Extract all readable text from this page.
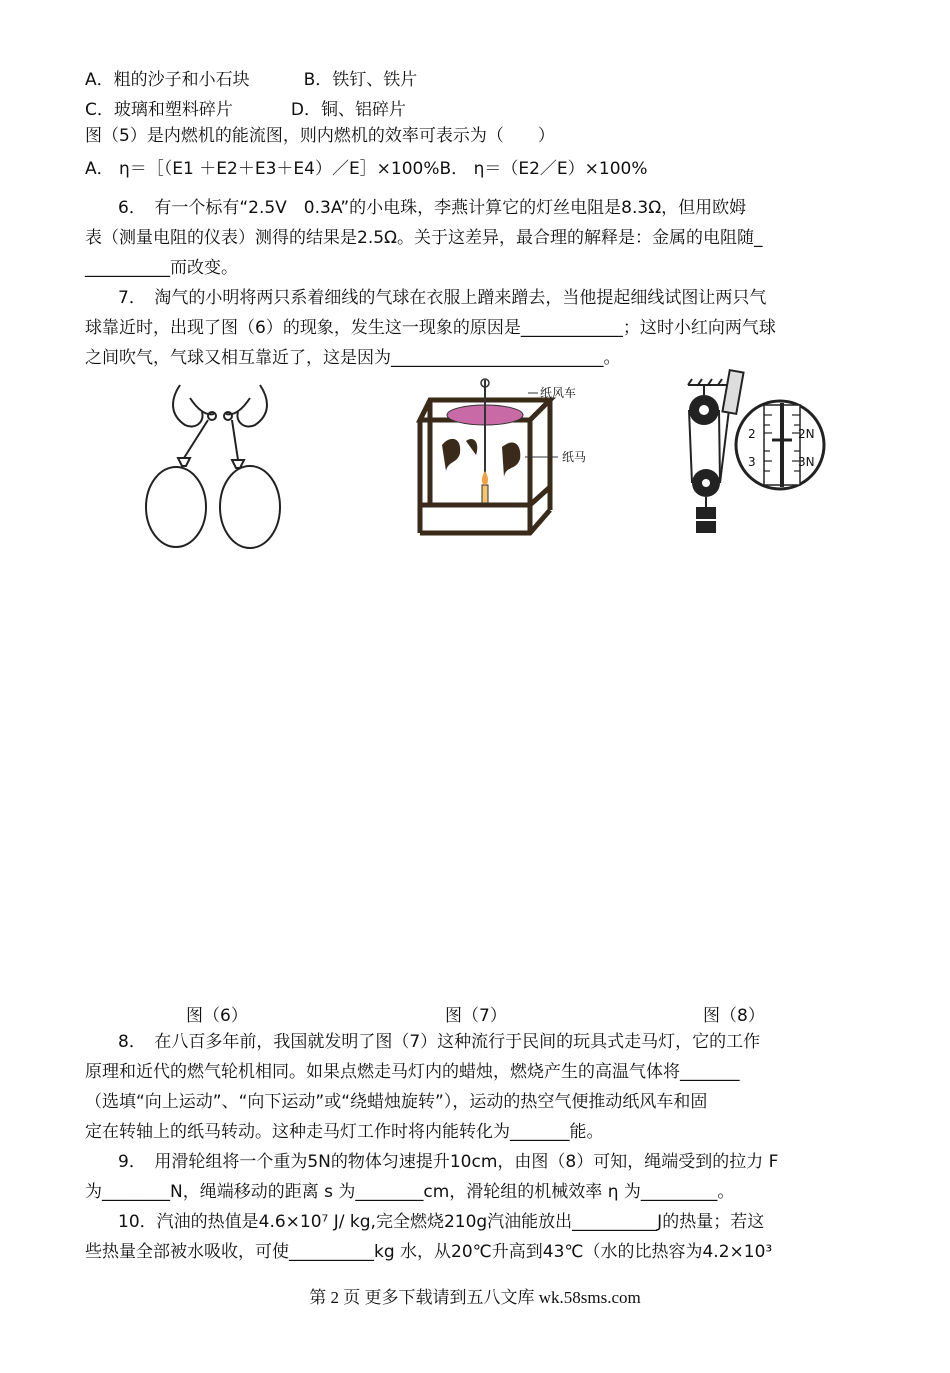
A．粗的沙子和小石块	B．铁钉、铁片
C．玻璃和塑料碎片	D．铜、铝碎片
图（5）是内燃机的能流图，则内燃机的效率可表示为（　　）
A． η＝［（E1 ＋E2＋E3＋E4）／E］×100%B． η＝（E2／E）×100%
6．　有一个标有“2.5V　0.3A”的小电珠，李燕计算它的灯丝电阻是8.3Ω，但用欧姆
表（测量电阻的仪表）测得的结果是2.5Ω。关于这差异，最合理的解释是：金属的电阻随_
__________而改变。
7．　淘气的小明将两只系着细线的气球在衣服上蹭来蹭去，当他提起细线试图让两只气
球靠近时，出现了图（6）的现象，发生这一现象的原因是____________；这时小红向两气球
之间吹气，气球又相互靠近了，这是因为_________________________。
纸风车
纸马
2	2N
3	3N
图（6）	图（7）	图（8）
8．　在八百多年前，我国就发明了图（7）这种流行于民间的玩具式走马灯，它的工作
原理和近代的燃气轮机相同。如果点燃走马灯内的蜡烛，燃烧产生的高温气体将_______
（选填“向上运动”、“向下运动”或“绕蜡烛旋转”），运动的热空气便推动纸风车和固
定在转轴上的纸马转动。这种走马灯工作时将内能转化为_______能。
9．　用滑轮组将一个重为5N的物体匀速提升10cm，由图（8）可知，绳端受到的拉力 F
为________N，绳端移动的距离 s 为________cm，滑轮组的机械效率 η 为_________。
10．汽油的热值是4.6×10⁷ J/ kg,完全燃烧210g汽油能放出__________J的热量；若这
些热量全部被水吸收，可使__________kg 水，从20℃升高到43℃（水的比热容为4.2×10³
第 2 页 更多下载请到五八文库 wk.58sms.com
